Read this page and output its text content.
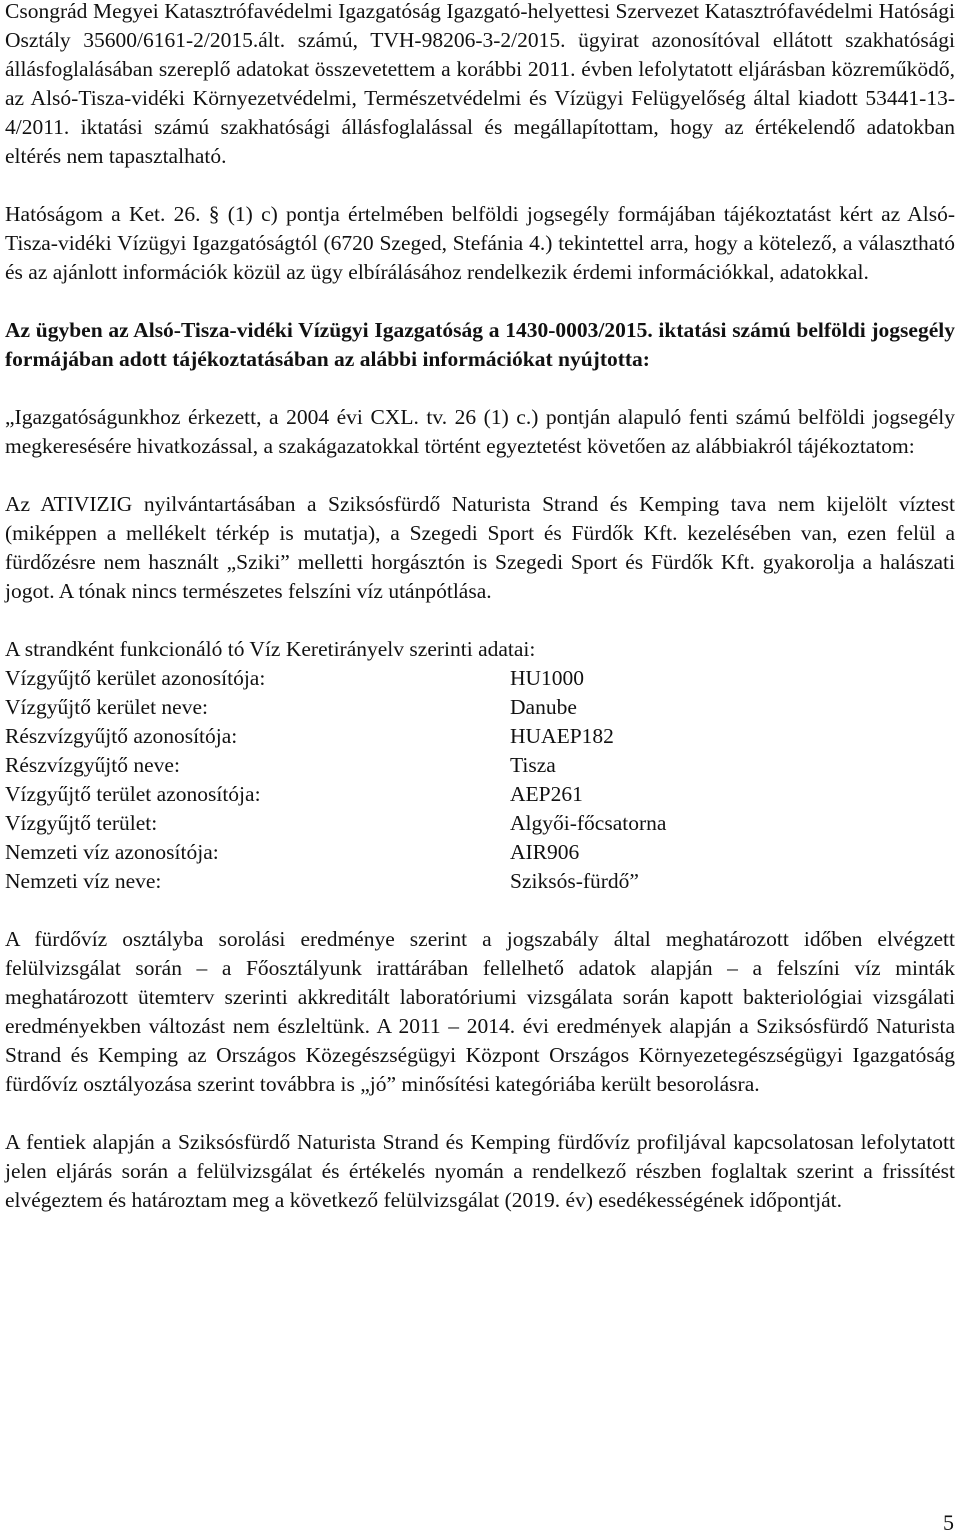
Csongrád Megyei Katasztrófavédelmi Igazgatóság Igazgató-helyettesi Szervezet Katasztrófavédelmi Hatósági Osztály 35600/6161-2/2015.ált. számú, TVH-98206-3-2/2015. ügyirat azonosítóval ellátott szakhatósági állásfoglalásában szereplő adatokat összevetettem a korábbi 2011. évben lefolytatott eljárásban közreműködő, az Alsó-Tisza-vidéki Környezetvédelmi, Természetvédelmi és Vízügyi Felügyelőség által kiadott 53441-13-4/2011. iktatási számú szakhatósági állásfoglalással és megállapítottam, hogy az értékelendő adatokban eltérés nem tapasztalható.

Hatóságom a Ket. 26. § (1) c) pontja értelmében belföldi jogsegély formájában tájékoztatást kért az Alsó-Tisza-vidéki Vízügyi Igazgatóságtól (6720 Szeged, Stefánia 4.) tekintettel arra, hogy a kötelező, a választható és az ajánlott információk közül az ügy elbírálásához rendelkezik érdemi információkkal, adatokkal.

Az ügyben az Alsó-Tisza-vidéki Vízügyi Igazgatóság a 1430-0003/2015. iktatási számú belföldi jogsegély formájában adott tájékoztatásában az alábbi információkat nyújtotta:

„Igazgatóságunkhoz érkezett, a 2004 évi CXL. tv. 26 (1) c.) pontján alapuló fenti számú belföldi jogsegély megkeresésére hivatkozással, a szakágazatokkal történt egyeztetést követően az alábbiakról tájékoztatom:

Az ATIVIZIG nyilvántartásában a Sziksósfürdő Naturista Strand és Kemping tava nem kijelölt víztest (miképpen a mellékelt térkép is mutatja), a Szegedi Sport és Fürdők Kft. kezelésében van, ezen felül a fürdőzésre nem használt „Sziki” melletti horgásztón is Szegedi Sport és Fürdők Kft. gyakorolja a halászati jogot. A tónak nincs természetes felszíni víz utánpótlása.

A strandként funkcionáló tó Víz Keretirányelv szerinti adatai:

Vízgyűjtő kerület azonosítója:	HU1000
Vízgyűjtő kerület neve:	Danube
Részvízgyűjtő azonosítója:	HUAEP182
Részvízgyűjtő neve:	Tisza
Vízgyűjtő terület azonosítója:	AEP261
Vízgyűjtő terület:	Algyői-főcsatorna
Nemzeti víz azonosítója:	AIR906
Nemzeti víz neve:	Sziksós-fürdő”

A fürdővíz osztályba sorolási eredménye szerint a jogszabály által meghatározott időben elvégzett felülvizsgálat során – a Főosztályunk irattárában fellelhető adatok alapján – a felszíni víz minták meghatározott ütemterv szerinti akkreditált laboratóriumi vizsgálata során kapott bakteriológiai vizsgálati eredményekben változást nem észleltünk. A 2011 – 2014. évi eredmények alapján a Sziksósfürdő Naturista Strand és Kemping az Országos Közegészségügyi Központ Országos Környezetegészségügyi Igazgatóság fürdővíz osztályozása szerint továbbra is „jó” minősítési kategóriába került besorolásra.

A fentiek alapján a Sziksósfürdő Naturista Strand és Kemping fürdővíz profiljával kapcsolatosan lefolytatott jelen eljárás során a felülvizsgálat és értékelés nyomán a rendelkező részben foglaltak szerint a frissítést elvégeztem és határoztam meg a következő felülvizsgálat (2019. év) esedékességének időpontját.

5
